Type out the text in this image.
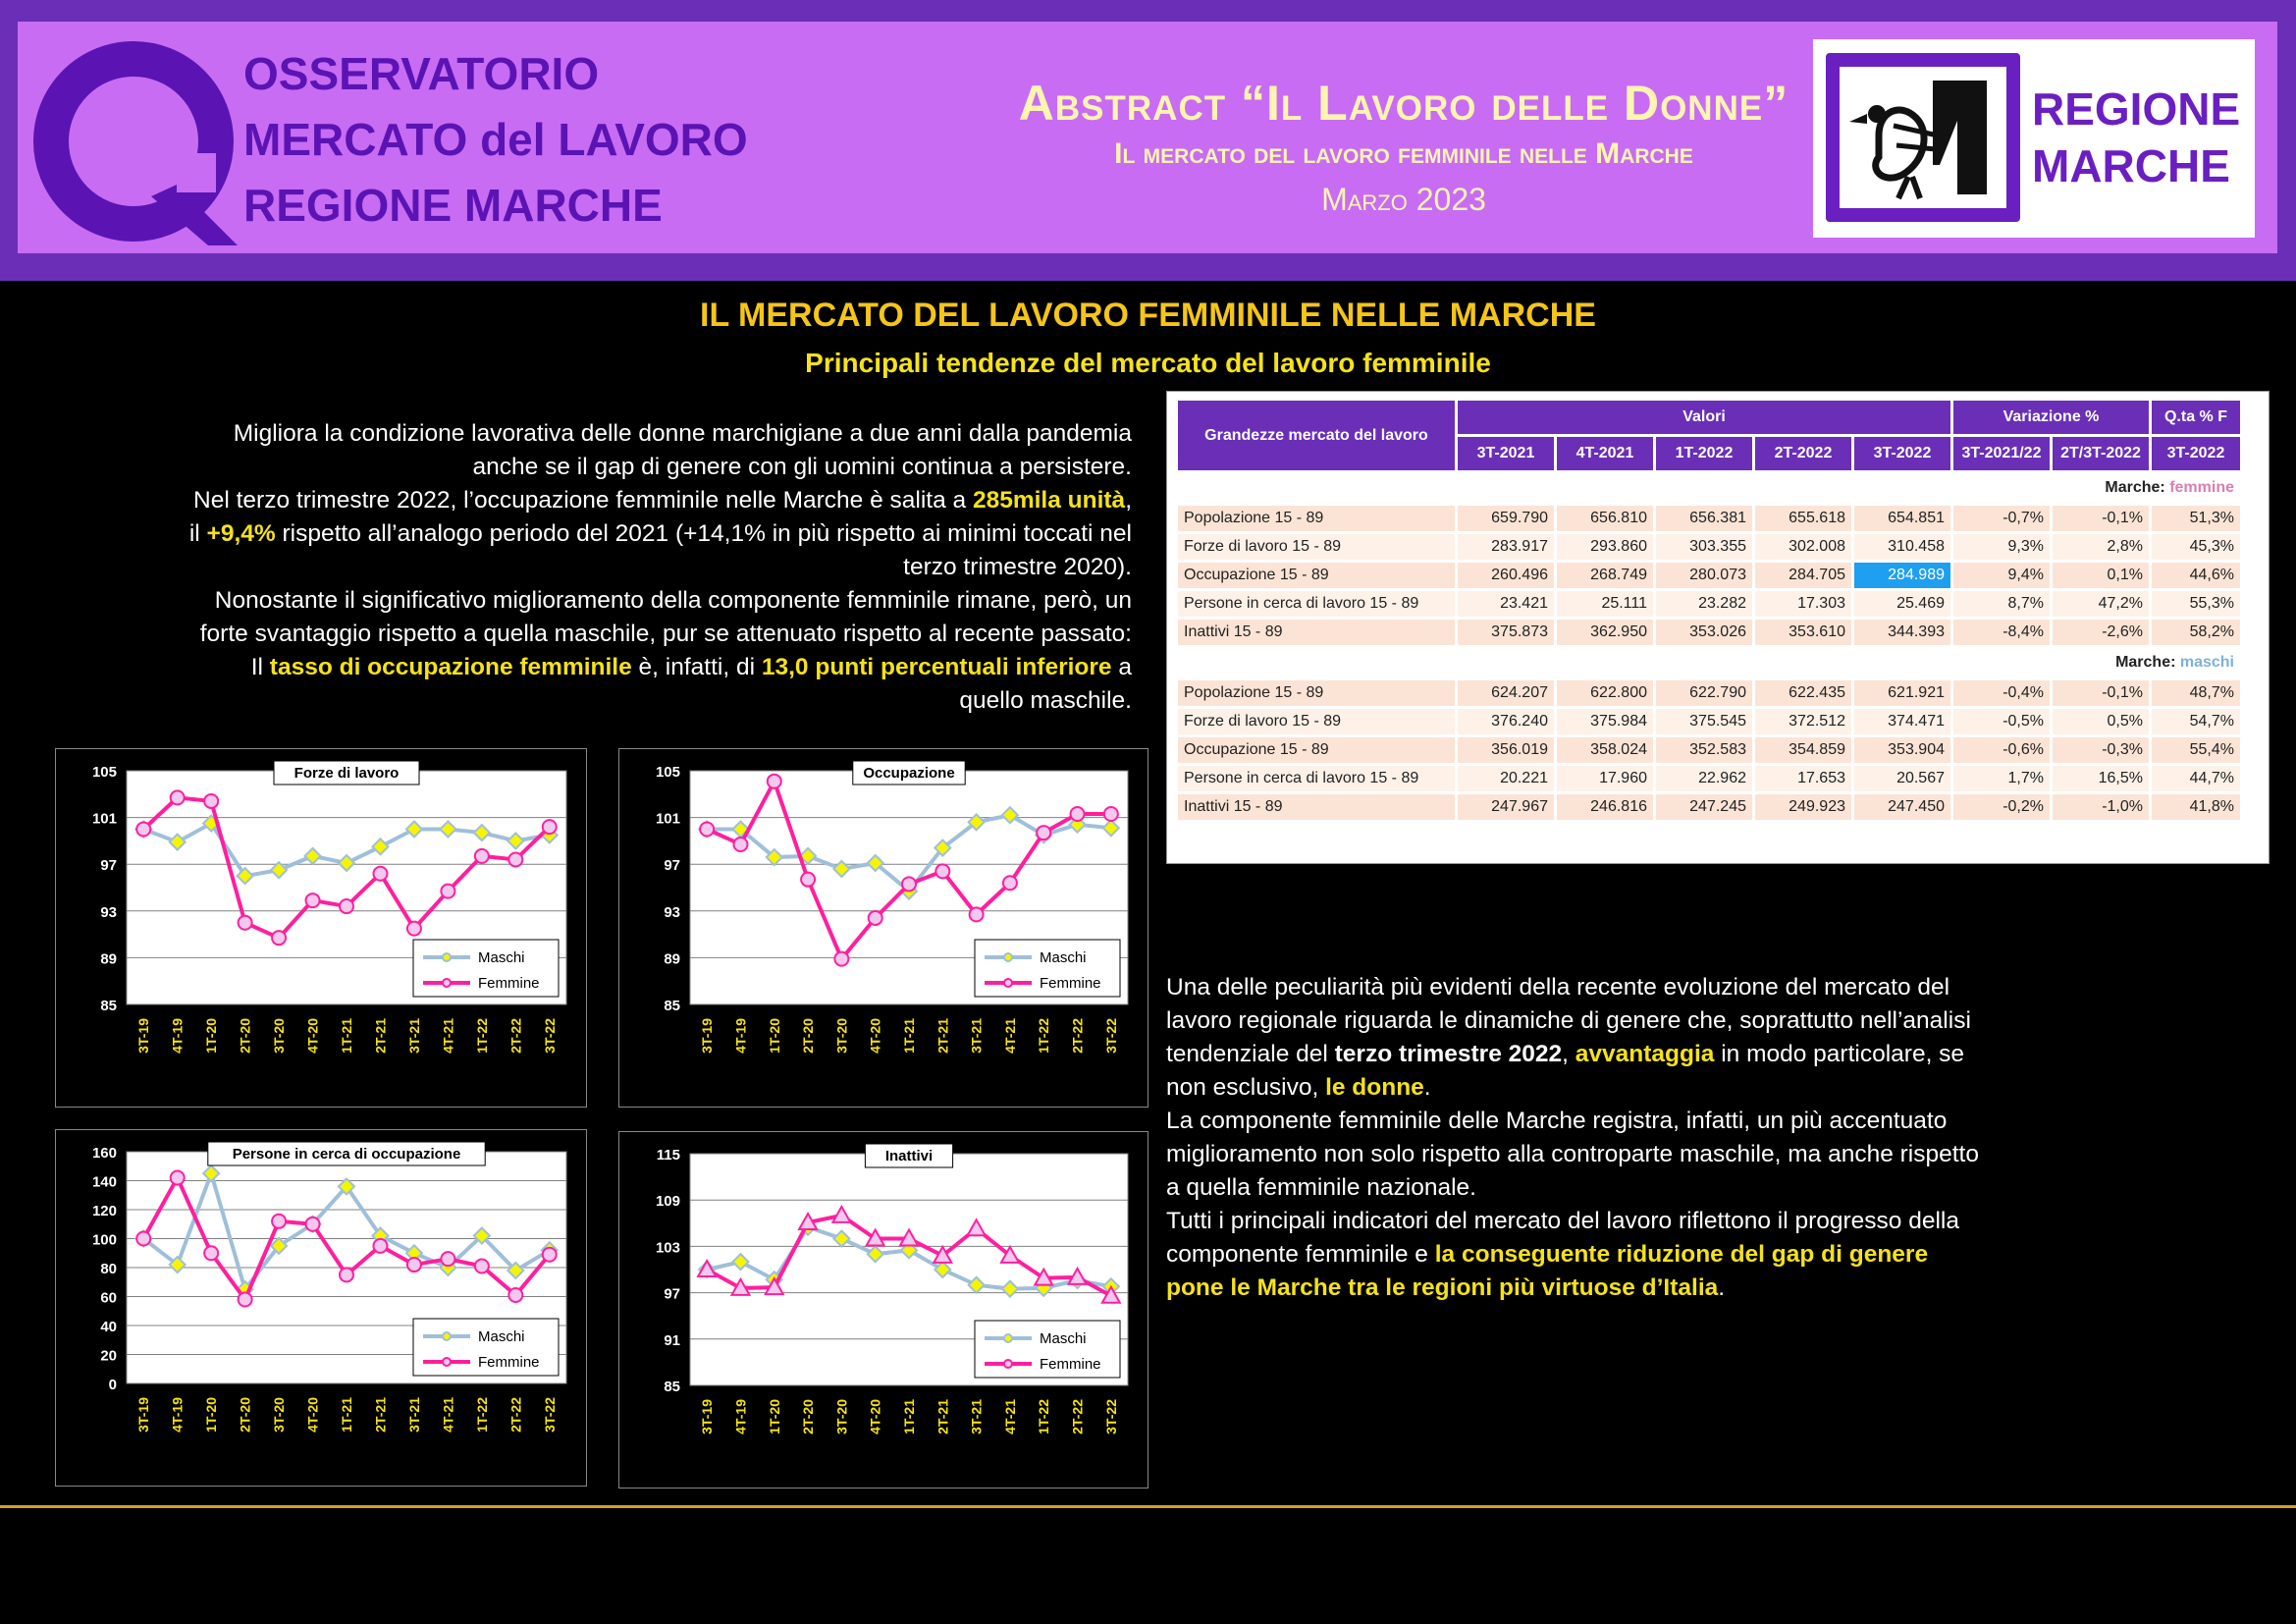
OSSERVATORIO
MERCATO del LAVORO
REGIONE MARCHE
Abstract “Il Lavoro delle Donne”
Il mercato del lavoro femminile nelle Marche
Marzo 2023
REGIONE
MARCHE
IL MERCATO DEL LAVORO FEMMINILE NELLE MARCHE
Principali tendenze del mercato del lavoro femminile
Migliora la condizione lavorativa delle donne marchigiane a due anni dalla pandemia anche se il gap di genere con gli uomini continua a persistere.
Nel terzo trimestre 2022, l’occupazione femminile nelle Marche è salita a 285mila unità, il +9,4% rispetto all’analogo periodo del 2021 (+14,1% in più rispetto ai minimi toccati nel terzo trimestre 2020).
Nonostante il significativo miglioramento della componente femminile rimane, però, un forte svantaggio rispetto a quella maschile, pur se attenuato rispetto al recente passato: Il tasso di occupazione femminile è, infatti, di 13,0 punti percentuali inferiore a quello maschile.
Una delle peculiarità più evidenti della recente evoluzione del mercato del lavoro regionale riguarda le dinamiche di genere che, soprattutto nell’analisi tendenziale del terzo trimestre 2022, avvantaggia in modo particolare, se non esclusivo, le donne.
La componente femminile delle Marche registra, infatti, un più accentuato miglioramento non solo rispetto alla controparte maschile, ma anche rispetto a quella femminile nazionale.
Tutti i principali indicatori del mercato del lavoro riflettono il progresso della componente femminile e la conseguente riduzione del gap di genere pone le Marche tra le regioni più virtuose d’Italia.
Grandezze mercato del lavoro	Valori					Variazione %		Q.ta % F
	3T-2021	4T-2021	1T-2022	2T-2022	3T-2022	3T-2021/22	2T/3T-2022	3T-2022
Marche: femmine								
Popolazione 15 - 89	659.790	656.810	656.381	655.618	654.851	-0,7%	-0,1%	51,3%
Forze di lavoro 15 - 89	283.917	293.860	303.355	302.008	310.458	9,3%	2,8%	45,3%
Occupazione 15 - 89	260.496	268.749	280.073	284.705	284.989	9,4%	0,1%	44,6%
Persone in cerca di lavoro 15 - 89	23.421	25.111	23.282	17.303	25.469	8,7%	47,2%	55,3%
Inattivi 15 - 89	375.873	362.950	353.026	353.610	344.393	-8,4%	-2,6%	58,2%
Marche: maschi								
Popolazione 15 - 89	624.207	622.800	622.790	622.435	621.921	-0,4%	-0,1%	48,7%
Forze di lavoro 15 - 89	376.240	375.984	375.545	372.512	374.471	-0,5%	0,5%	54,7%
Occupazione 15 - 89	356.019	358.024	352.583	354.859	353.904	-0,6%	-0,3%	55,4%
Persone in cerca di lavoro 15 - 89	20.221	17.960	22.962	17.653	20.567	1,7%	16,5%	44,7%
Inattivi 15 - 89	247.967	246.816	247.245	249.923	247.450	-0,2%	-1,0%	41,8%
85
89
93
97
101
105
3T-19 4T-19 1T-20 2T-20 3T-20 4T-20 1T-21 2T-21 3T-21 4T-21 1T-22 2T-22 3T-22
Forze di lavoro
Maschi
Femmine
85
89
93
97
101
105
3T-19 4T-19 1T-20 2T-20 3T-20 4T-20 1T-21 2T-21 3T-21 4T-21 1T-22 2T-22 3T-22
Occupazione
Maschi
Femmine
0
20
40
60
80
100
120
140
160
3T-19 4T-19 1T-20 2T-20 3T-20 4T-20 1T-21 2T-21 3T-21 4T-21 1T-22 2T-22 3T-22
Persone in cerca di occupazione
Maschi
Femmine
85
91
97
103
109
115
3T-19 4T-19 1T-20 2T-20 3T-20 4T-20 1T-21 2T-21 3T-21 4T-21 1T-22 2T-22 3T-22
Inattivi
Maschi
Femmine
